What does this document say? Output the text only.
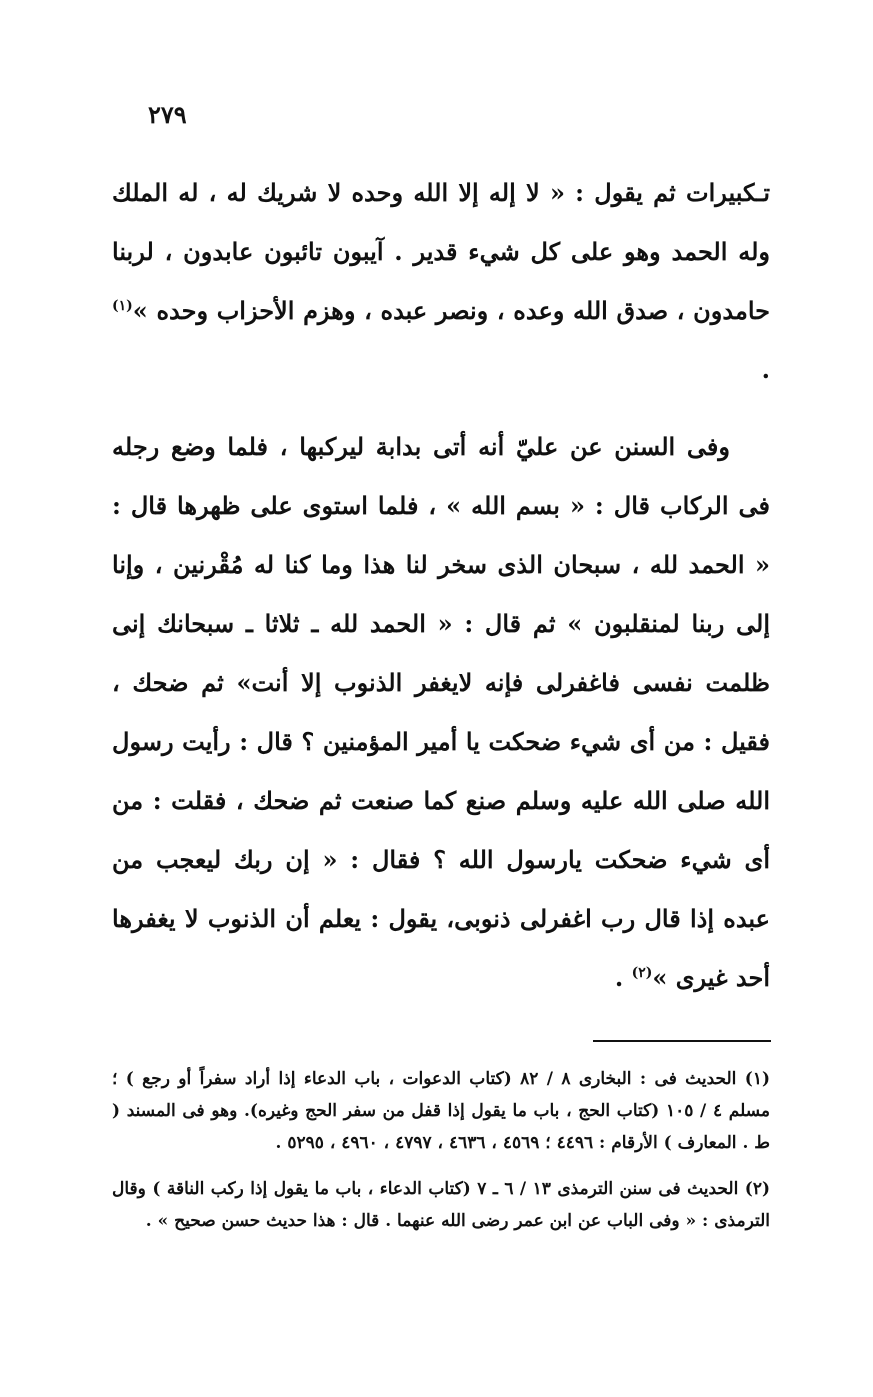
٢٧٩

تـكبيرات ثم يقول : « لا إله إلا الله وحده لا شريك له ، له الملك وله الحمد وهو على كل شيء قدير . آيبون تائبون عابدون ، لربنا حامدون ، صدق الله وعده ، ونصر عبده ، وهزم الأحزاب وحده »$^{(١)}$ .

وفى السنن عن عليّ أنه أتى بدابة ليركبها ، فلما وضع رجله فى الركاب قال : « بسم الله » ، فلما استوى على ظهرها قال : « الحمد لله ، سبحان الذى سخر لنا هذا وما كنا له مُقْرنين ، وإنا إلى ربنا لمنقلبون » ثم قال : « الحمد لله ـ ثلاثا ـ سبحانك إنى ظلمت نفسى فاغفرلى فإنه لايغفر الذنوب إلا أنت» ثم ضحك ، فقيل : من أى شيء ضحكت يا أمير المؤمنين ؟ قال : رأيت رسول الله صلى الله عليه وسلم صنع كما صنعت ثم ضحك ، فقلت : من أى شيء ضحكت يارسول الله ؟ فقال : « إن ربك ليعجب من عبده إذا قال رب اغفرلى ذنوبى، يقول : يعلم أن الذنوب لا يغفرها أحد غيرى »$^{(٢)}$ .

(١) الحديث فى : البخارى ٨ / ٨٢ (كتاب الدعوات ، باب الدعاء إذا أراد سفراً أو رجع ) ؛ مسلم ٤ / ١٠٥ (كتاب الحج ، باب ما يقول إذا قفل من سفر الحج وغيره). وهو فى المسند ( ط . المعارف ) الأرقام : ٤٤٩٦ ؛ ٤٥٦٩ ، ٤٦٣٦ ، ٤٧٩٧ ، ٤٩٦٠ ، ٥٢٩٥ .

(٢) الحديث فى سنن الترمذى ١٣ / ٦ ـ ٧ (كتاب الدعاء ، باب ما يقول إذا ركب الناقة ) وقال الترمذى : « وفى الباب عن ابن عمر رضى الله عنهما . قال : هذا حديث حسن صحيح » .
